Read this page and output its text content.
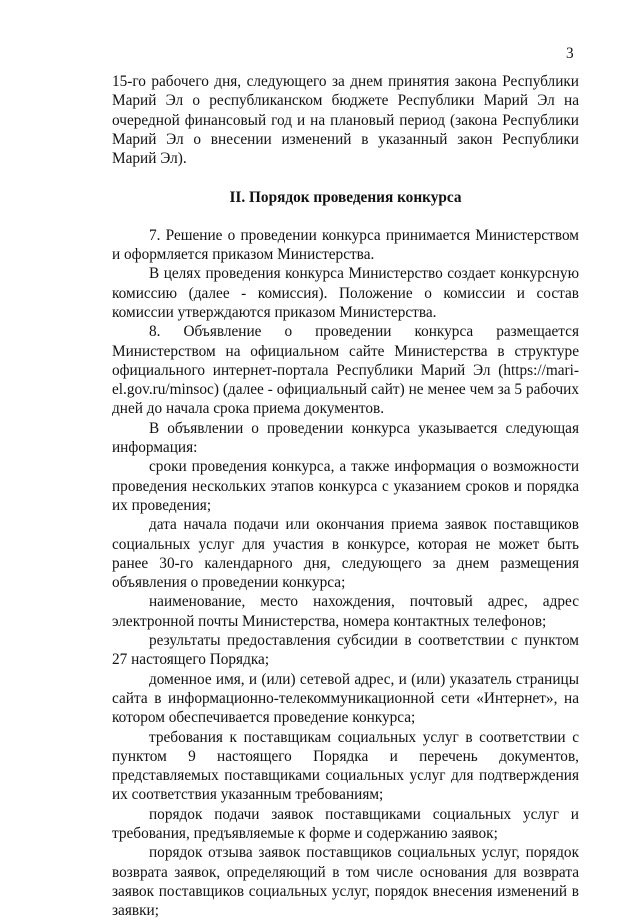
3

15-го рабочего дня, следующего за днем принятия закона Республики Марий Эл о республиканском бюджете Республики Марий Эл на очередной финансовый год и на плановый период (закона Республики Марий Эл о внесении изменений в указанный закон Республики Марий Эл).

II. Порядок проведения конкурса

7. Решение о проведении конкурса принимается Министерством и оформляется приказом Министерства.

В целях проведения конкурса Министерство создает конкурсную комиссию (далее - комиссия). Положение о комиссии и состав комиссии утверждаются приказом Министерства.

8. Объявление о проведении конкурса размещается Министерством на официальном сайте Министерства в структуре официального интернет-портала Республики Марий Эл (https://mari-el.gov.ru/minsoc) (далее - официальный сайт) не менее чем за 5 рабочих дней до начала срока приема документов.

В объявлении о проведении конкурса указывается следующая информация:

сроки проведения конкурса, а также информация о возможности проведения нескольких этапов конкурса с указанием сроков и порядка их проведения;

дата начала подачи или окончания приема заявок поставщиков социальных услуг для участия в конкурсе, которая не может быть ранее 30-го календарного дня, следующего за днем размещения объявления о проведении конкурса;

наименование, место нахождения, почтовый адрес, адрес электронной почты Министерства, номера контактных телефонов;

результаты предоставления субсидии в соответствии с пунктом 27 настоящего Порядка;

доменное имя, и (или) сетевой адрес, и (или) указатель страницы сайта в информационно-телекоммуникационной сети «Интернет», на котором обеспечивается проведение конкурса;

требования к поставщикам социальных услуг в соответствии с пунктом 9 настоящего Порядка и перечень документов, представляемых поставщиками социальных услуг для подтверждения их соответствия указанным требованиям;

порядок подачи заявок поставщиками социальных услуг и требования, предъявляемые к форме и содержанию заявок;

порядок отзыва заявок поставщиков социальных услуг, порядок возврата заявок, определяющий в том числе основания для возврата заявок поставщиков социальных услуг, порядок внесения изменений в заявки;
